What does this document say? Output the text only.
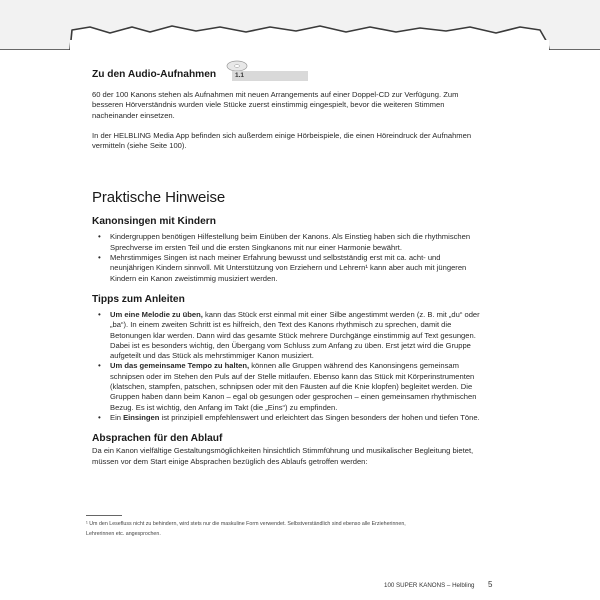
Zu den Audio-Aufnahmen	1.1

60 der 100 Kanons stehen als Aufnahmen mit neuen Arrangements auf einer Doppel-CD zur Verfügung. Zum besseren Hörverständnis wurden viele Stücke zuerst einstimmig eingespielt, bevor die weiteren Stimmen nacheinander einsetzen.

In der HELBLING Media App befinden sich außerdem einige Hörbeispiele, die einen Höreindruck der Aufnahmen vermitteln (siehe Seite 100).

Praktische Hinweise
Kanonsingen mit Kindern
• Kindergruppen benötigen Hilfestellung beim Einüben der Kanons. Als Einstieg haben sich die rhythmischen Sprechverse im ersten Teil und die ersten Singkanons mit nur einer Harmonie bewährt.
• Mehrstimmiges Singen ist nach meiner Erfahrung bewusst und selbstständig erst mit ca. acht- und neunjährigen Kindern sinnvoll. Mit Unterstützung von Erziehern und Lehrern¹ kann aber auch mit jüngeren Kindern ein Kanon zweistimmig musiziert werden.
Tipps zum Anleiten
• Um eine Melodie zu üben, kann das Stück erst einmal mit einer Silbe angestimmt werden (z. B. mit „du“ oder „ba“). In einem zweiten Schritt ist es hilfreich, den Text des Kanons rhythmisch zu sprechen, damit die Betonungen klar werden. Dann wird das gesamte Stück mehrere Durchgänge einstimmig auf Text gesungen. Dabei ist es besonders wichtig, den Übergang vom Schluss zum Anfang zu üben. Erst jetzt wird die Gruppe aufgeteilt und das Stück als mehrstimmiger Kanon musiziert.
• Um das gemeinsame Tempo zu halten, können alle Gruppen während des Kanonsingens gemeinsam schnipsen oder im Stehen den Puls auf der Stelle mitlaufen. Ebenso kann das Stück mit Körperinstrumenten (klatschen, stampfen, patschen, schnipsen oder mit den Fäusten auf die Knie klopfen) begleitet werden. Die Gruppen haben dann beim Kanon – egal ob gesungen oder gesprochen – einen gemeinsamen rhythmischen Bezug. Es ist wichtig, den Anfang im Takt (die „Eins“) zu empfinden.
• Ein Einsingen ist prinzipiell empfehlenswert und erleichtert das Singen besonders der hohen und tiefen Töne.
Absprachen für den Ablauf

Da ein Kanon vielfältige Gestaltungsmöglichkeiten hinsichtlich Stimmführung und musikalischer Begleitung bietet, müssen vor dem Start einige Absprachen bezüglich des Ablaufs getroffen werden:

¹ Um den Lesefluss nicht zu behindern, wird stets nur die maskuline Form verwendet. Selbstverständlich sind ebenso alle Erzieherinnen,
Lehrerinnen etc. angesprochen.
100 SUPER KANONS – Helbling 5
